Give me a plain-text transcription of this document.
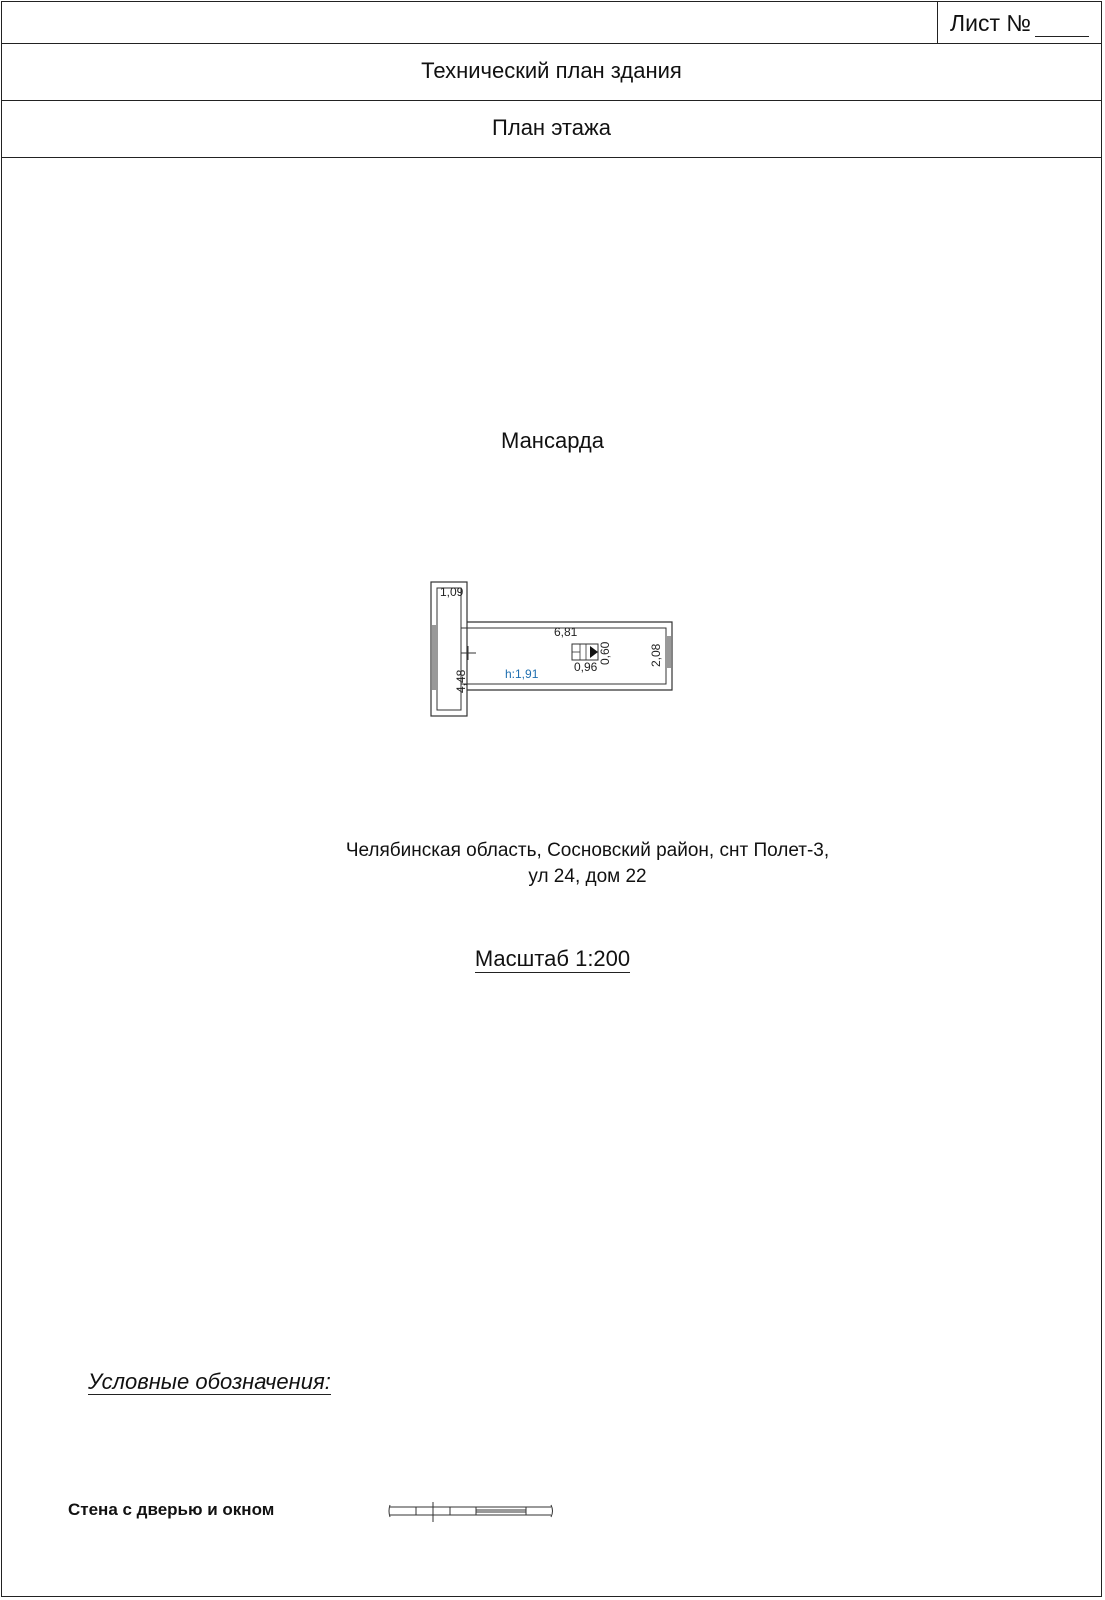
Лист №
Технический план здания
План этажа
Мансарда
1,09
4,48
6,81
2,08
0,96
0,60
h:1,91
Челябинская область, Сосновский район, снт Полет-3,
ул 24, дом 22
Масштаб 1:200
Условные обозначения:
Стена с дверью и окном
